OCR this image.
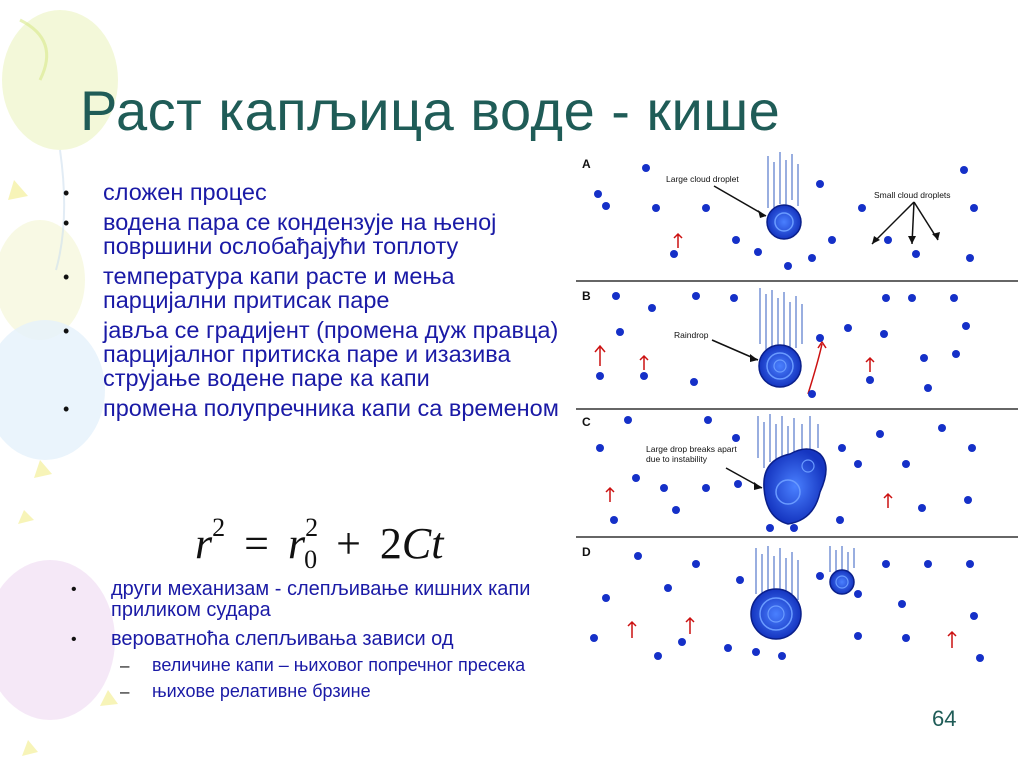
Раст капљица воде - кише
•	сложен процес
•	водена пара се кондензује на њеној површини ослобађајући топлоту
•	температура капи расте и мења парцијални притисак паре
•	јавља се градијент (промена дуж правца) парцијалног притиска паре и изазива струјање водене паре ка капи
•	промена полупречника капи са временом
$r^2 = r^2_0 + 2Ct$
•	други механизам - слепљивање кишних капи приликом судара
•	вероватноћа слепљивања зависи од
–	величине капи – њиховог попречног пресека
–	њихове релативне брзине
A
Large cloud droplet
Small cloud droplets
B
Raindrop
C
Large drop breaks apart
due to instability
D
64
